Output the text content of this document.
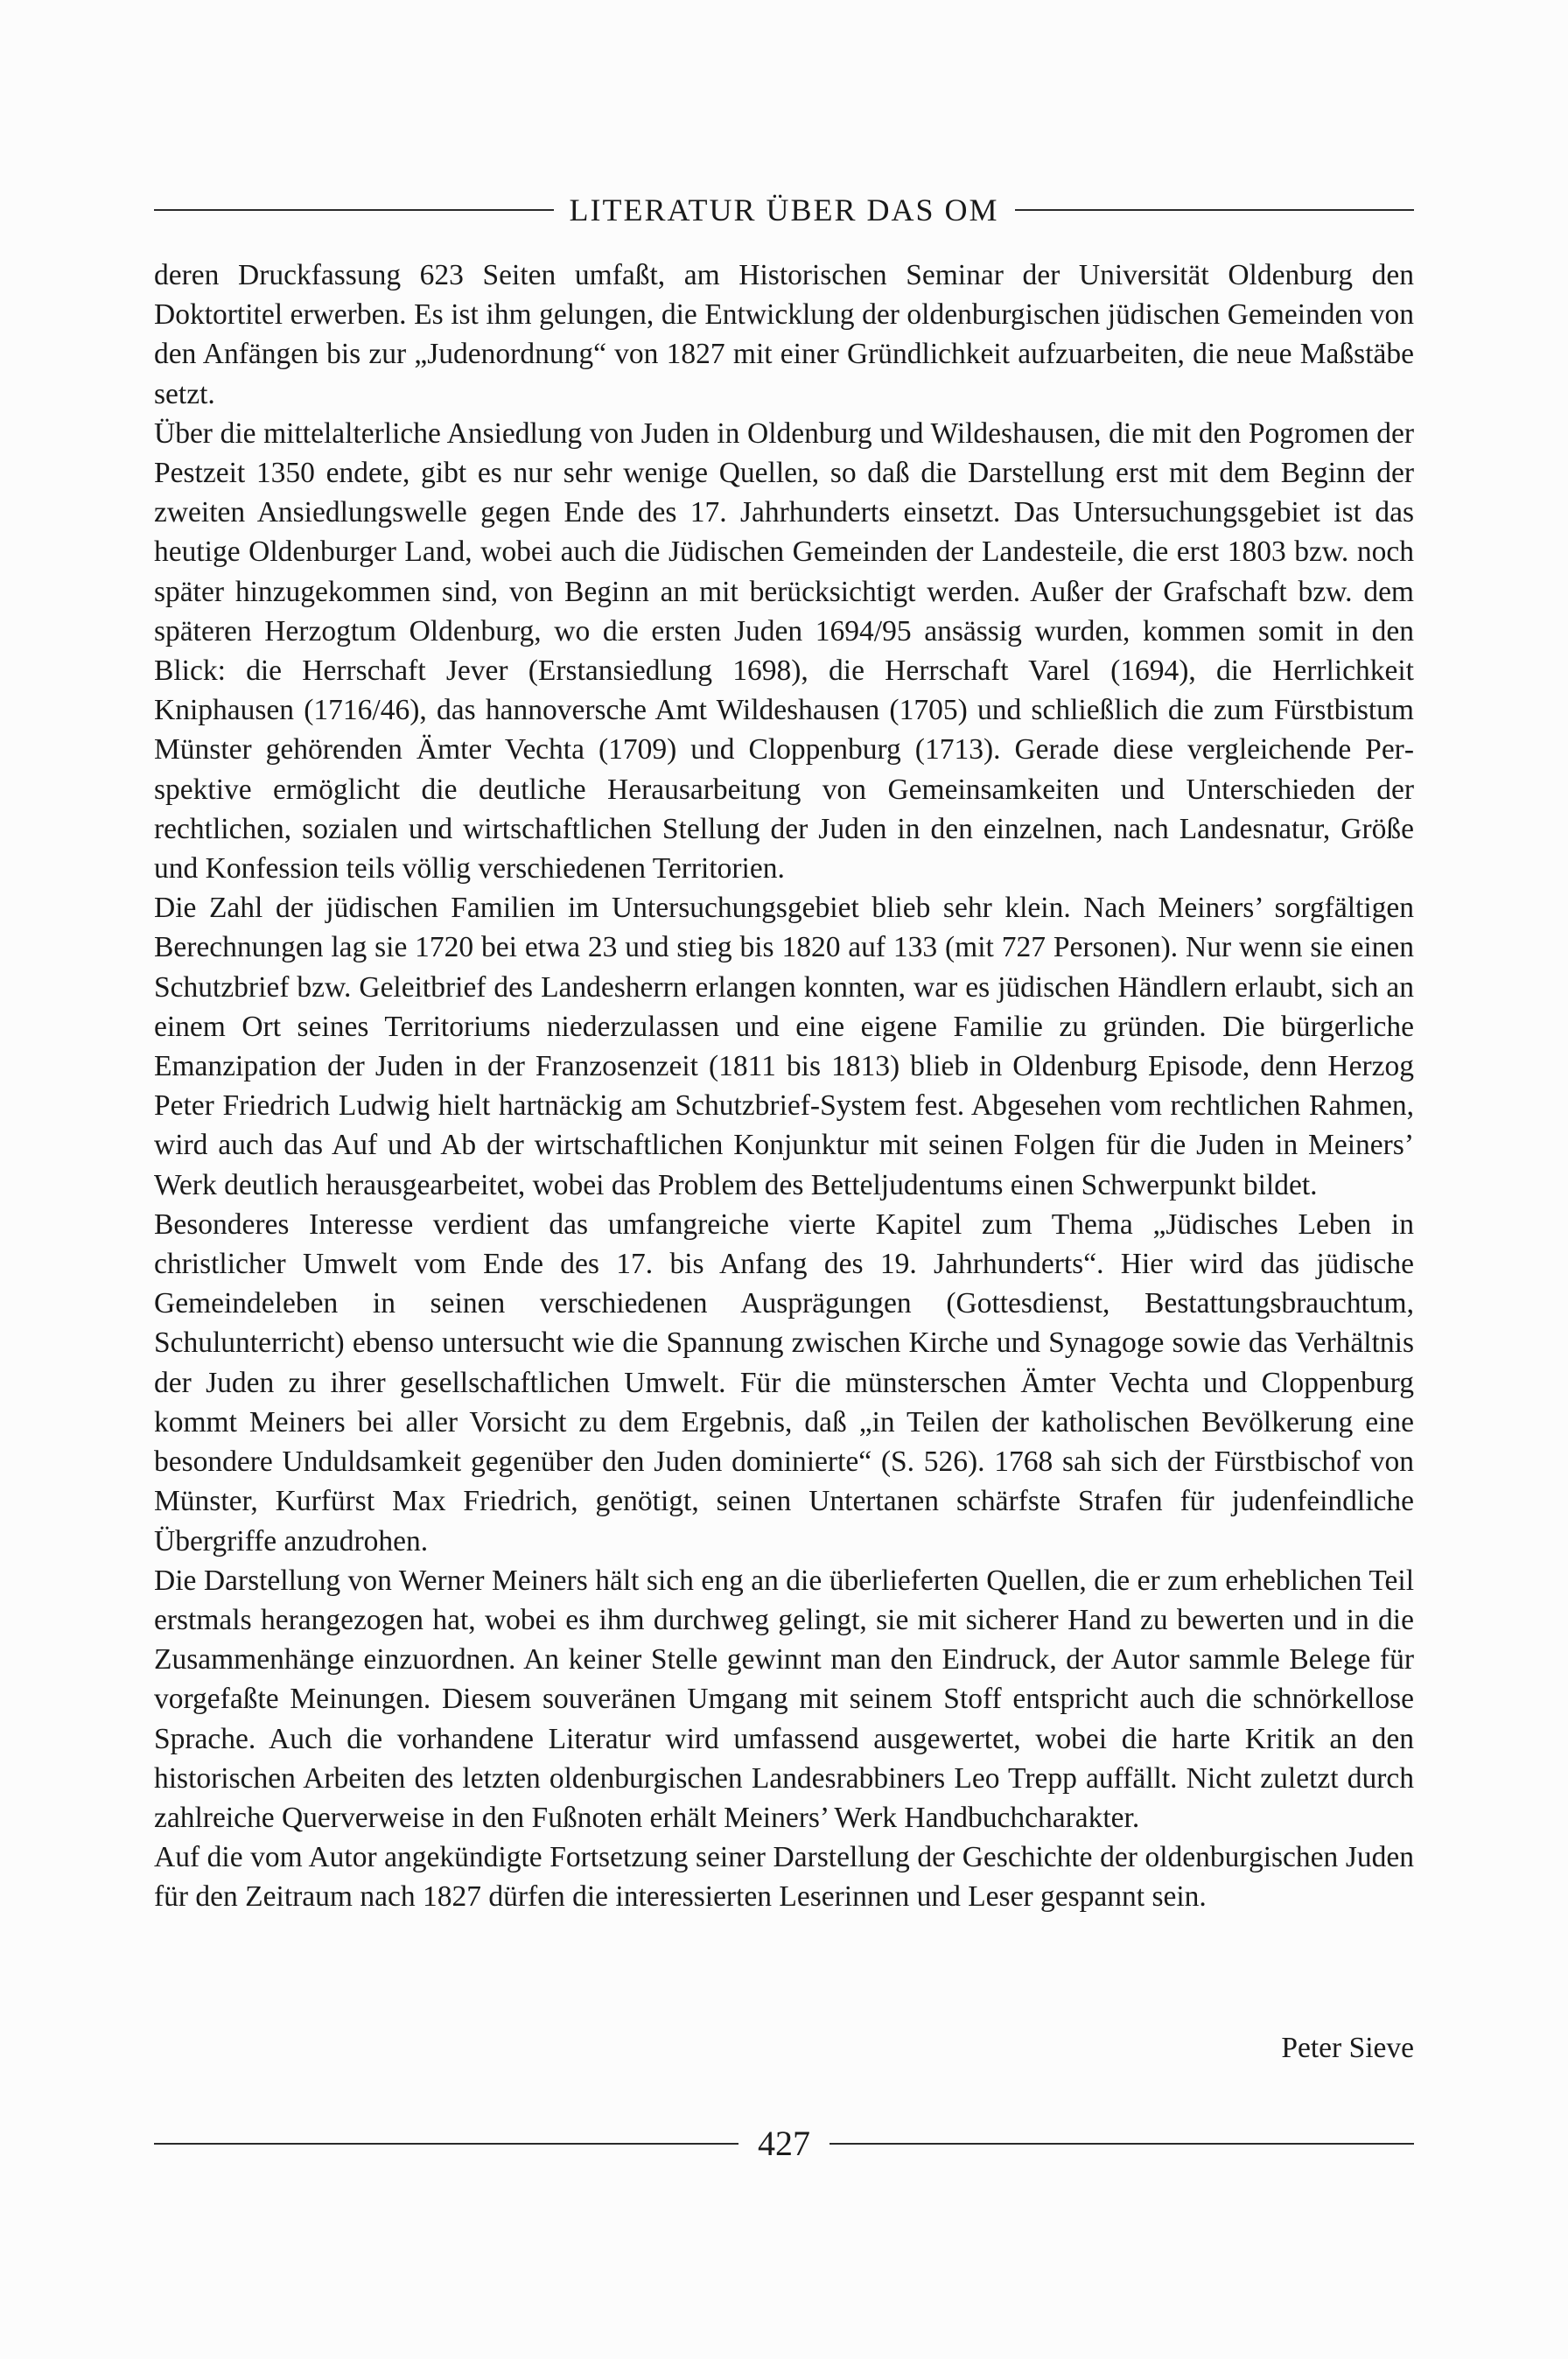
LITERATUR ÜBER DAS OM

deren Druckfassung 623 Seiten umfaßt, am Historischen Seminar der Universität Oldenburg den Doktortitel erwerben. Es ist ihm gelungen, die Entwicklung der oldenburgischen jüdischen Gemeinden von den Anfängen bis zur „Judenordnung“ von 1827 mit einer Gründlichkeit aufzuarbeiten, die neue Maßstäbe setzt.

Über die mittelalterliche Ansiedlung von Juden in Oldenburg und Wildeshausen, die mit den Pogromen der Pestzeit 1350 endete, gibt es nur sehr wenige Quellen, so daß die Darstellung erst mit dem Beginn der zweiten Ansiedlungswelle gegen Ende des 17. Jahrhunderts einsetzt. Das Untersuchungsgebiet ist das heutige Oldenburger Land, wobei auch die Jüdischen Gemeinden der Landesteile, die erst 1803 bzw. noch später hinzugekommen sind, von Beginn an mit berücksichtigt werden. Außer der Grafschaft bzw. dem späteren Herzogtum Oldenburg, wo die ersten Juden 1694/95 ansässig wurden, kommen somit in den Blick: die Herrschaft Jever (Erstansiedlung 1698), die Herrschaft Varel (1694), die Herrlichkeit Kniphausen (1716/46), das hannoversche Amt Wildeshausen (1705) und schließlich die zum Fürstbistum Münster gehörenden Ämter Vechta (1709) und Cloppenburg (1713). Gerade diese vergleichende Perspektive ermöglicht die deutliche Herausarbeitung von Gemeinsamkeiten und Unterschieden der rechtlichen, sozialen und wirtschaftlichen Stellung der Juden in den einzelnen, nach Landesnatur, Größe und Konfession teils völlig verschiedenen Territorien.

Die Zahl der jüdischen Familien im Untersuchungsgebiet blieb sehr klein. Nach Meiners’ sorgfältigen Berechnungen lag sie 1720 bei etwa 23 und stieg bis 1820 auf 133 (mit 727 Personen). Nur wenn sie einen Schutzbrief bzw. Geleitbrief des Landesherrn erlangen konnten, war es jüdischen Händlern erlaubt, sich an einem Ort seines Territoriums niederzulassen und eine eigene Familie zu gründen. Die bürgerliche Emanzipation der Juden in der Franzosenzeit (1811 bis 1813) blieb in Oldenburg Episode, denn Herzog Peter Friedrich Ludwig hielt hartnäckig am Schutzbrief-System fest. Abgesehen vom rechtlichen Rahmen, wird auch das Auf und Ab der wirtschaftlichen Konjunktur mit seinen Folgen für die Juden in Meiners’ Werk deutlich herausgearbeitet, wobei das Problem des Betteljudentums einen Schwerpunkt bildet.

Besonderes Interesse verdient das umfangreiche vierte Kapitel zum Thema „Jüdisches Leben in christlicher Umwelt vom Ende des 17. bis Anfang des 19. Jahrhunderts“. Hier wird das jüdische Gemeindeleben in seinen verschiedenen Ausprägungen (Gottesdienst, Bestattungsbrauchtum, Schulunterricht) ebenso untersucht wie die Spannung zwischen Kirche und Synagoge sowie das Verhältnis der Juden zu ihrer gesellschaftlichen Umwelt. Für die münsterschen Ämter Vechta und Cloppenburg kommt Meiners bei aller Vorsicht zu dem Ergebnis, daß „in Teilen der katholischen Bevölkerung eine besondere Unduldsamkeit gegenüber den Juden dominierte“ (S. 526). 1768 sah sich der Fürstbischof von Münster, Kurfürst Max Friedrich, genötigt, seinen Untertanen schärfste Strafen für judenfeindliche Übergriffe anzudrohen.

Die Darstellung von Werner Meiners hält sich eng an die überlieferten Quellen, die er zum erheblichen Teil erstmals herangezogen hat, wobei es ihm durchweg gelingt, sie mit sicherer Hand zu bewerten und in die Zusammenhänge einzuordnen. An keiner Stelle gewinnt man den Eindruck, der Autor sammle Belege für vorgefaßte Meinungen. Diesem souveränen Umgang mit seinem Stoff entspricht auch die schnörkellose Sprache. Auch die vorhandene Literatur wird umfassend ausgewertet, wobei die harte Kritik an den historischen Arbeiten des letzten oldenburgischen Landesrabbiners Leo Trepp auffällt. Nicht zuletzt durch zahlreiche Querverweise in den Fußnoten erhält Meiners’ Werk Handbuchcharakter.

Auf die vom Autor angekündigte Fortsetzung seiner Darstellung der Geschichte der oldenburgischen Juden für den Zeitraum nach 1827 dürfen die interessierten Leserinnen und Leser gespannt sein.

Peter Sieve
427
